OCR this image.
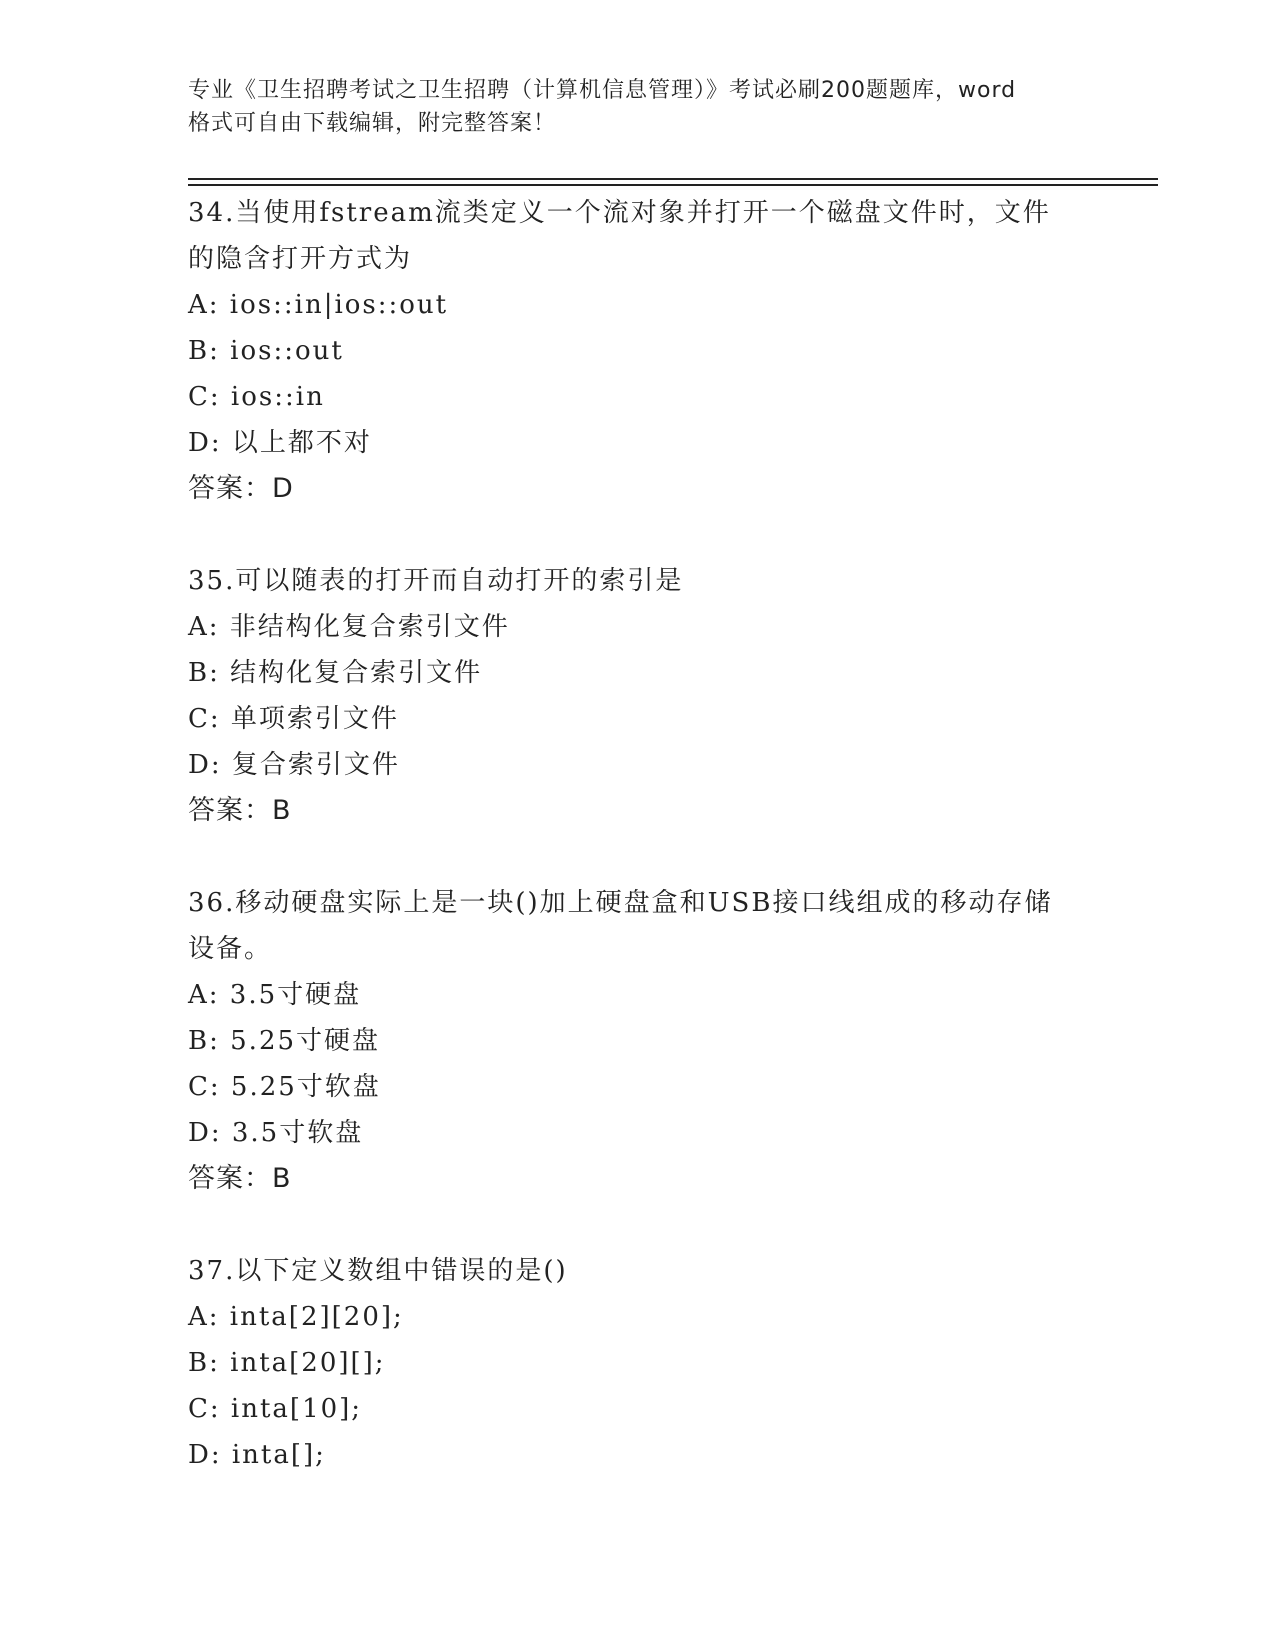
专业《卫生招聘考试之卫生招聘（计算机信息管理）》考试必刷200题题库，word
格式可自由下载编辑，附完整答案！

34.当使用fstream流类定义一个流对象并打开一个磁盘文件时，文件

的隐含打开方式为

A: ios::in|ios::out

B: ios::out

C: ios::in

D: 以上都不对

答案：D

35.可以随表的打开而自动打开的索引是

A: 非结构化复合索引文件

B: 结构化复合索引文件

C: 单项索引文件

D: 复合索引文件

答案：B

36.移动硬盘实际上是一块()加上硬盘盒和USB接口线组成的移动存储

设备。

A: 3.5寸硬盘

B: 5.25寸硬盘

C: 5.25寸软盘

D: 3.5寸软盘

答案：B

37.以下定义数组中错误的是()

A: inta[2][20];

B: inta[20][];

C: inta[10];

D: inta[];
